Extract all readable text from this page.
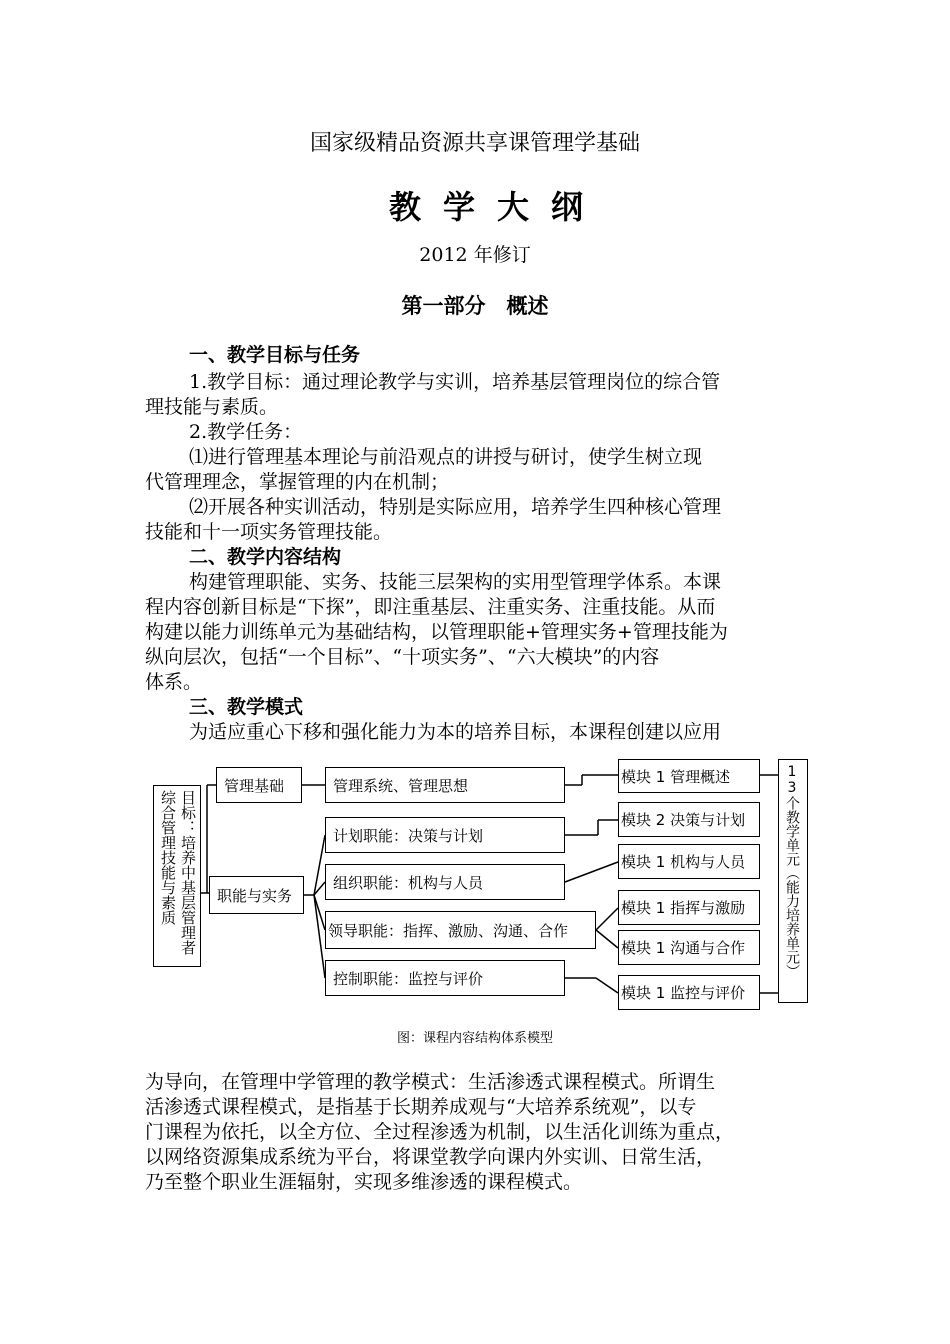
国家级精品资源共享课管理学基础
教学大纲
2012 年修订
第一部分　概述
一、教学目标与任务
1.教学目标：通过理论教学与实训，培养基层管理岗位的综合管
理技能与素质。
2.教学任务：
⑴进行管理基本理论与前沿观点的讲授与研讨，使学生树立现
代管理理念，掌握管理的内在机制；
⑵开展各种实训活动，特别是实际应用，培养学生四种核心管理
技能和十一项实务管理技能。
二、教学内容结构
构建管理职能、实务、技能三层架构的实用型管理学体系。本课
程内容创新目标是“下探”，即注重基层、注重实务、注重技能。从而
构建以能力训练单元为基础结构，以管理职能+管理实务+管理技能为
纵向层次，包括“一个目标”、“十项实务”、“六大模块”的内容
体系。
三、教学模式
为适应重心下移和强化能力为本的培养目标，本课程创建以应用
目标：培养中基层管理者
综合管理技能与素质
管理基础
职能与实务
管理系统、管理思想
计划职能：决策与计划
组织职能：机构与人员
领导职能：指挥、激励、沟通、合作
控制职能：监控与评价
模块 1 管理概述
模块 2 决策与计划
模块 1 机构与人员
模块 1 指挥与激励
模块 1 沟通与合作
模块 1 监控与评价
13个教学单元（能力培养单元）
图：课程内容结构体系模型
为导向，在管理中学管理的教学模式：生活渗透式课程模式。所谓生
活渗透式课程模式，是指基于长期养成观与“大培养系统观”，以专
门课程为依托，以全方位、全过程渗透为机制，以生活化训练为重点，
以网络资源集成系统为平台，将课堂教学向课内外实训、日常生活，
乃至整个职业生涯辐射，实现多维渗透的课程模式。
